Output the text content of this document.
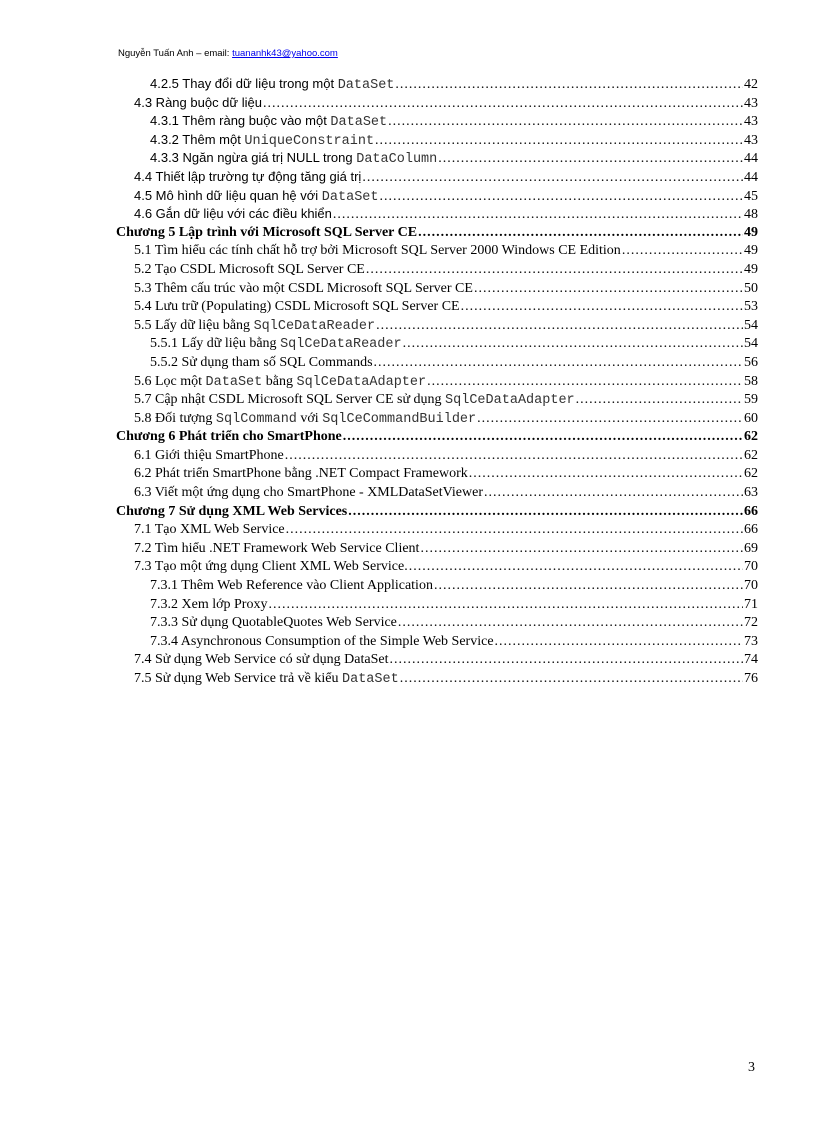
Nguyễn Tuấn Anh – email: tuananhk43@yahoo.com
4.2.5 Thay đổi dữ liệu trong một DataSet .....	42
4.3 Ràng buộc dữ liệu .....	43
4.3.1 Thêm ràng buộc vào một DataSet .....	43
4.3.2 Thêm một UniqueConstraint .....	43
4.3.3 Ngăn ngừa giá trị NULL trong DataColumn .....	44
4.4 Thiết lập trường tự động tăng giá trị .....	44
4.5 Mô hình dữ liệu quan hệ với DataSet .....	45
4.6 Gắn dữ liệu với các điều khiển .....	48
Chương 5 Lập trình với Microsoft SQL Server CE .....	49
5.1 Tìm hiểu các tính chất hỗ trợ bởi Microsoft SQL Server 2000 Windows CE Edition .....	49
5.2 Tạo CSDL Microsoft SQL Server CE .....	49
5.3 Thêm cấu trúc vào một CSDL Microsoft SQL Server CE .....	50
5.4 Lưu trữ (Populating) CSDL Microsoft SQL Server CE .....	53
5.5 Lấy dữ liệu bằng SqlCeDataReader .....	54
5.5.1 Lấy dữ liệu bằng SqlCeDataReader .....	54
5.5.2 Sử dụng tham số SQL Commands .....	56
5.6 Lọc một DataSet bằng SqlCeDataAdapter .....	58
5.7 Cập nhật CSDL Microsoft SQL Server CE sử dụng SqlCeDataAdapter .....	59
5.8 Đối tượng SqlCommand với SqlCeCommandBuilder .....	60
Chương 6 Phát triển cho SmartPhone .....	62
6.1 Giới thiệu SmartPhone .....	62
6.2 Phát triển SmartPhone bằng .NET Compact Framework .....	62
6.3 Viết một ứng dụng cho SmartPhone - XMLDataSetViewer .....	63
Chương 7 Sử dụng XML Web Services .....	66
7.1 Tạo XML Web Service .....	66
7.2 Tìm hiểu .NET Framework Web Service Client .....	69
7.3 Tạo một ứng dụng Client XML Web Service. .....	70
7.3.1 Thêm Web Reference vào Client Application .....	70
7.3.2 Xem lớp Proxy .....	71
7.3.3 Sử dụng QuotableQuotes Web Service .....	72
7.3.4 Asynchronous Consumption of the Simple Web Service .....	73
7.4 Sử dụng Web Service có sử dụng DataSet .....	74
7.5 Sử dụng Web Service trả về kiểu DataSet .....	76
3
